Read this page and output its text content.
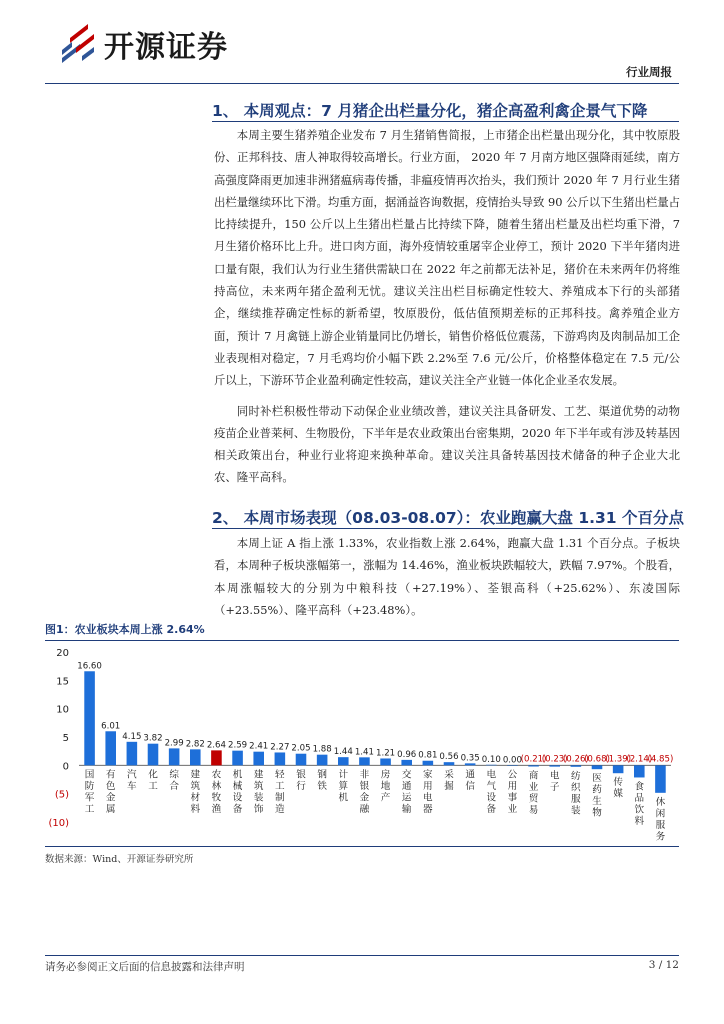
开源证券
行业周报
1、 本周观点：7 月猪企出栏量分化，猪企高盈利禽企景气下降

本周主要生猪养殖企业发布 7 月生猪销售简报，上市猪企出栏量出现分化，其中牧原股份、正邦科技、唐人神取得较高增长。行业方面， 2020 年 7 月南方地区强降雨延续，南方高强度降雨更加速非洲猪瘟病毒传播，非瘟疫情再次抬头，我们预计 2020 年 7 月行业生猪出栏量继续环比下滑。均重方面，据涌益咨询数据，疫情抬头导致 90 公斤以下生猪出栏量占比持续提升，150 公斤以上生猪出栏量占比持续下降，随着生猪出栏量及出栏均重下滑，7 月生猪价格环比上升。进口肉方面，海外疫情较重屠宰企业停工，预计 2020 下半年猪肉进口量有限，我们认为行业生猪供需缺口在 2022 年之前都无法补足，猪价在未来两年仍将维持高位，未来两年猪企盈利无忧。建议关注出栏目标确定性较大、养殖成本下行的头部猪企，继续推荐确定性标的新希望，牧原股份，低估值预期差标的正邦科技。禽养殖企业方面，预计 7 月禽链上游企业销量同比仍增长，销售价格低位震荡，下游鸡肉及肉制品加工企业表现相对稳定，7 月毛鸡均价小幅下跌 2.2%至 7.6 元/公斤，价格整体稳定在 7.5 元/公斤以上，下游环节企业盈利确定性较高，建议关注全产业链一体化企业圣农发展。

同时补栏积极性带动下动保企业业绩改善，建议关注具备研发、工艺、渠道优势的动物疫苗企业普莱柯、生物股份，下半年是农业政策出台密集期，2020 年下半年或有涉及转基因相关政策出台，种业行业将迎来换种革命。建议关注具备转基因技术储备的种子企业大北农、隆平高科。

2、 本周市场表现（08.03-08.07）：农业跑赢大盘 1.31 个百分点

本周上证 A 指上涨 1.33%，农业指数上涨 2.64%，跑赢大盘 1.31 个百分点。子板块看，本周种子板块涨幅第一，涨幅为 14.46%，渔业板块跌幅较大，跌幅 7.97%。个股看，本周涨幅较大的分别为中粮科技（+27.19%）、荃银高科（+25.62%）、东凌国际（+23.55%）、隆平高科（+23.48%）。

图1：农业板块本周上涨 2.64%
20
15
10
5
0
(5)
(10)
16.60
国防军工
6.01
有色金属
4.15
汽车
3.82
化工
2.99
综合
2.82
建筑材料
2.64
农林牧渔
2.59
机械设备
2.41
建筑装饰
2.27
轻工制造
2.05
银行
1.88
钢铁
1.44
计算机
1.41
非银金融
1.21
房地产
0.96
交通运输
0.81
家用电器
0.56
采掘
0.35
通信
0.10
电气设备
0.00
公用事业
(0.21)
商业贸易
(0.23)
电子
(0.26)
纺织服装
(0.68)
医药生物
(1.39)
传媒
(2.14)
食品饮料
(4.85)
休闲服务
数据来源：Wind、开源证券研究所
请务必参阅正文后面的信息披露和法律声明	3 / 12
